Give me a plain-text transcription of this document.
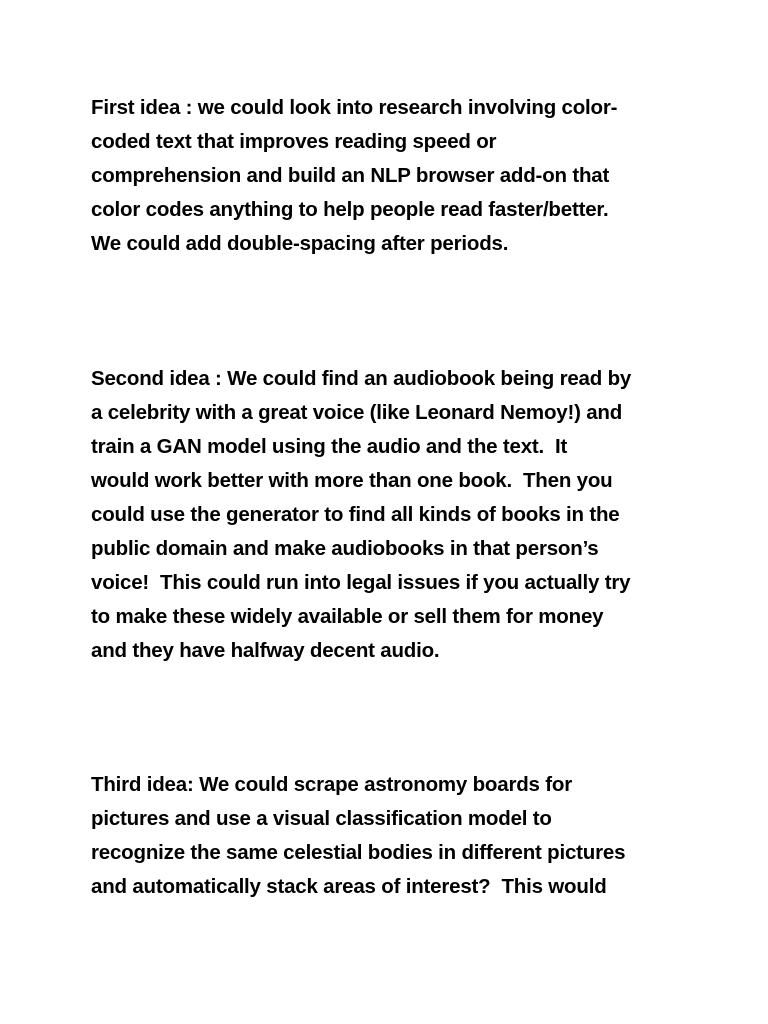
First idea : we could look into research involving color-
coded text that improves reading speed or
comprehension and build an NLP browser add-on that
color codes anything to help people read faster/better.
We could add double-spacing after periods.

Second idea : We could find an audiobook being read by
a celebrity with a great voice (like Leonard Nemoy!) and
train a GAN model using the audio and the text.  It
would work better with more than one book.  Then you
could use the generator to find all kinds of books in the
public domain and make audiobooks in that person’s
voice!  This could run into legal issues if you actually try
to make these widely available or sell them for money
and they have halfway decent audio.

Third idea: We could scrape astronomy boards for
pictures and use a visual classification model to
recognize the same celestial bodies in different pictures
and automatically stack areas of interest?  This would
